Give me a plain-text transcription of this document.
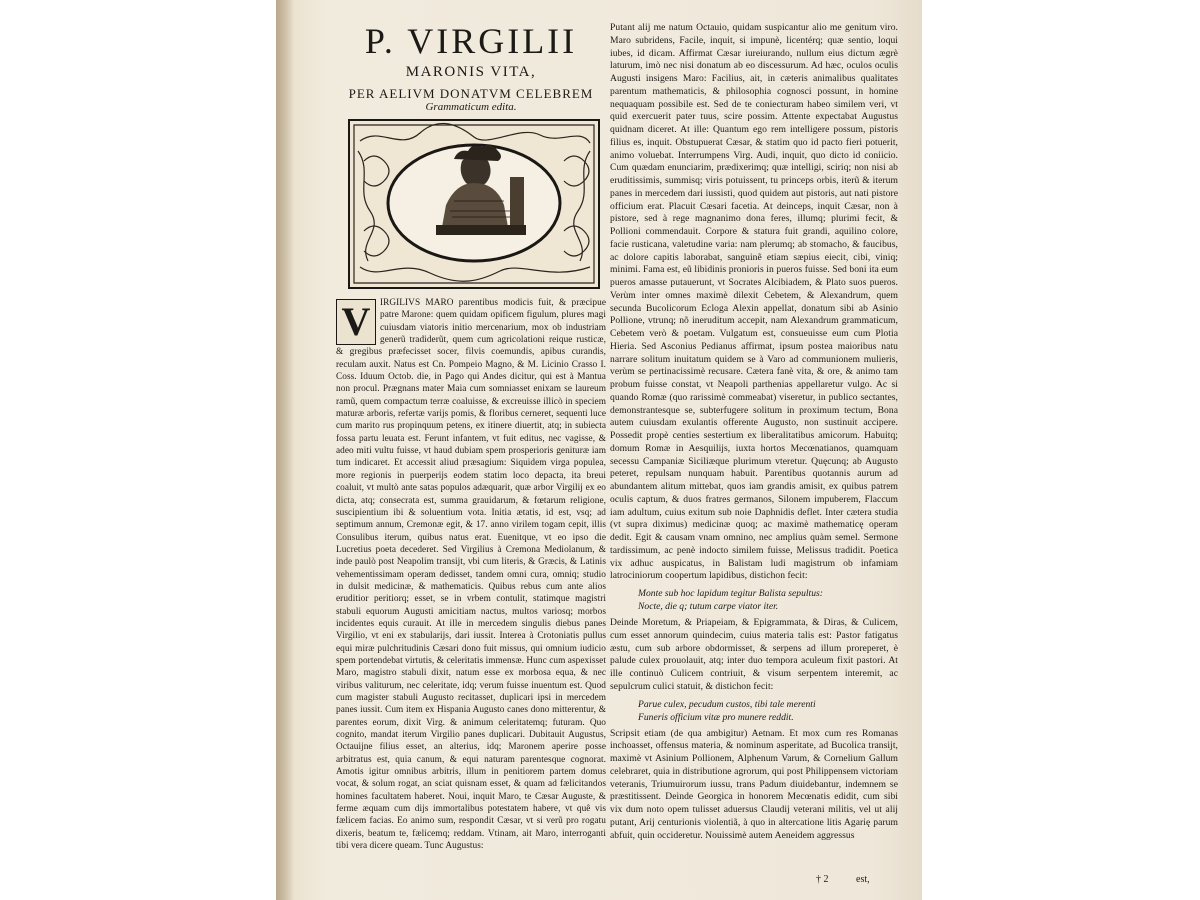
P. VIRGILII
MARONIS VITA,
PER AELIVM DONATVM CELEBREM
Grammaticum edita.
V	IRGILIVS MARO parentibus modicis fuit, & præcipue patre Marone: quem quidam opificem figulum, plures magi cuiusdam viatoris initio mercenarium, mox ob industriam generũ tradiderũt, quem cum agricolationi reique rusticæ, & gregibus præfecisset socer, filvis coemundis, apibus curandis, reculam auxit. Natus est Cn. Pompeio Magno, & M. Licinio Crasso I. Coss. Iduum Octob. die, in Pago qui Andes dicitur, qui est à Mantua non procul. Prægnans mater Maia cum somniasset enixam se laureum ramũ, quem compactum terræ coaluisse, & excreuisse illicò in speciem maturæ arboris, refertæ varijs pomis, & floribus cerneret, sequenti luce cum marito rus propinquum petens, ex itinere diuertit, atq; in subiecta fossa partu leuata est. Ferunt infantem, vt fuit editus, nec vagisse, & adeo miti vultu fuisse, vt haud dubiam spem prosperioris genituræ iam tum indicaret. Et accessit aliud præsagium: Siquidem virga populea, more regionis in puerperijs eodem statim loco depacta, ita breui coaluit, vt multò ante satas populos adæquarit, quæ arbor Virgilij ex eo dicta, atq; consecrata est, summa grauidarum, & fœtarum religione, suscipientium ibi & soluentium vota. Initia ætatis, id est, vsq; ad septimum annum, Cremonæ egit, & 17. anno virilem togam cepit, illis Consulibus iterum, quibus natus erat. Euenitque, vt eo ipso die Lucretius poeta decederet. Sed Virgilius à Cremona Mediolanum, & inde paulò post Neapolim transijt, vbi cum literis, & Græcis, & Latinis vehementissimam operam dedisset, tandem omni cura, omniq; studio in dulsit medicinæ, & mathematicis. Quibus rebus cum ante alios eruditior peritiorq; esset, se in vrbem contulit, statimque magistri stabuli equorum Augusti amicitiam nactus, multos variosq; morbos incidentes equis curauit. At ille in mercedem singulis diebus panes Virgilio, vt eni ex stabularijs, dari iussit. Interea à Crotoniatis pullus equi miræ pulchritudinis Cæsari dono fuit missus, qui omnium iudicio spem portendebat virtutis, & celeritatis immensæ. Hunc cum aspexisset Maro, magistro stabuli dixit, natum esse ex morbosa equa, & nec viribus valiturum, nec celeritate, idq; verum fuisse inuentum est. Quod cum magister stabuli Augusto recitasset, duplicari ipsi in mercedem panes iussit. Cum item ex Hispania Augusto canes dono mitterentur, & parentes eorum, dixit Virg. & animum celeritatemq; futuram. Quo cognito, mandat iterum Virgilio panes duplicari. Dubitauit Augustus, Octauijne filius esset, an alterius, idq; Maronem aperire posse arbitratus est, quia canum, & equi naturam parentesque cognorat. Amotis igitur omnibus arbitris, illum in penitiorem partem domus vocat, & solum rogat, an sciat quisnam esset, & quam ad fælicitandos homines facultatem haberet. Noui, inquit Maro, te Cæsar Auguste, & ferme æquam cum dijs immortalibus potestatem habere, vt quê vis fælicem facias. Eo animo sum, respondit Cæsar, vt si verũ pro rogatu dixeris, beatum te, fælicemq; reddam. Vtinam, ait Maro, interroganti tibi vera dicere queam. Tunc Augustus:

Putant alij me natum Octauio, quidam suspicantur alio me genitum viro. Maro subridens, Facile, inquit, si impunè, licentérq; quæ sentio, loqui iubes, id dicam. Affirmat Cæsar iureiurando, nullum eius dictum ægrè laturum, imò nec nisi donatum ab eo discessurum. Ad hæc, oculos oculis Augusti insigens Maro: Facilius, ait, in cæteris animalibus qualitates parentum mathematicis, & philosophia cognosci possunt, in homine nequaquam possibile est. Sed de te coniecturam habeo similem veri, vt quid exercuerit pater tuus, scire possim. Attente expectabat Augustus quidnam diceret. At ille: Quantum ego rem intelligere possum, pistoris filius es, inquit. Obstupuerat Cæsar, & statim quo id pacto fieri potuerit, animo voluebat. Interrumpens Virg. Audi, inquit, quo dicto id coniicio. Cum quædam enunciarim, prædixerimq; quæ intelligi, sciriq; non nisi ab eruditissimis, summisq; viris potuissent, tu princeps orbis, iterũ & iterum panes in mercedem dari iussisti, quod quidem aut pistoris, aut nati pistore officium erat. Placuit Cæsari facetia. At deinceps, inquit Cæsar, non à pistore, sed à rege magnanimo dona feres, illumq; plurimi fecit, & Pollioni commendauit. Corpore & statura fuit grandi, aquilino colore, facie rusticana, valetudine varia: nam plerumq; ab stomacho, & faucibus, ac dolore capitis laborabat, sanguinẽ etiam sæpius eiecit, cibi, viniq; minimi. Fama est, eũ libidinis pronioris in pueros fuisse. Sed boni ita eum pueros amasse putauerunt, vt Socrates Alcibiadem, & Plato suos pueros. Verùm inter omnes maximè dilexit Cebetem, & Alexandrum, quem secunda Bucolicorum Ecloga Alexin appellat, donatum sibi ab Asinio Pollione, vtrunq; nõ ineruditum accepit, nam Alexandrum grammaticum, Cebetem verò & poetam. Vulgatum est, consueuisse eum cum Plotia Hieria. Sed Asconius Pedianus affirmat, ipsum postea maioribus natu narrare solitum inuitatum quidem se à Varo ad communionem mulieris, verùm se pertinacissimè recusare. Cætera fanè vita, & ore, & animo tam probum fuisse constat, vt Neapoli parthenias appellaretur vulgo. Ac si quando Romæ (quo rarissimè commeabat) viseretur, in publico sectantes, demonstrantesque se, subterfugere solitum in proximum tectum, Bona autem cuiusdam exulantis offerente Augusto, non sustinuit accipere. Possedit propè centies sestertium ex liberalitatibus amicorum. Habuitq; domum Romæ in Aesquilijs, iuxta hortos Mecœnatianos, quamquam secessu Campaniæ Siciliæque plurimum vteretur. Quęcunq; ab Augusto peteret, repulsam nunquam habuit. Parentibus quotannis aurum ad abundantem alitum mittebat, quos iam grandis amisit, ex quibus patrem oculis captum, & duos fratres germanos, Silonem impuberem, Flaccum iam adultum, cuius exitum sub noie Daphnidis deflet. Inter cætera studia (vt supra diximus) medicinæ quoq; ac maximè mathematicę operam dedit. Egit & causam vnam omnino, nec amplius quàm semel. Sermone tardissimum, ac penè indocto similem fuisse, Melissus tradidit. Poetica vix adhuc auspicatus, in Balistam ludi magistrum ob infamiam latrociniorum coopertum lapidibus, distichon fecit:

Monte sub hoc lapidum tegitur Balista sepultus:

Nocte, die q; tutum carpe viator iter.

Deinde Moretum, & Priapeiam, & Epigrammata, & Diras, & Culicem, cum esset annorum quindecim, cuius materia talis est: Pastor fatigatus æstu, cum sub arbore obdormisset, & serpens ad illum proreperet, è palude culex prouolauit, atq; inter duo tempora aculeum fixit pastori. At ille continuò Culicem contriuit, & visum serpentem interemit, ac sepulcrum culici statuit, & distichon fecit:

Parue culex, pecudum custos, tibi tale merenti

Funeris officium vitæ pro munere reddit.

Scripsit etiam (de qua ambigitur) Aetnam. Et mox cum res Romanas inchoasset, offensus materia, & nominum asperitate, ad Bucolica transijt, maximè vt Asinium Pollionem, Alphenum Varum, & Cornelium Gallum celebraret, quia in distributione agrorum, qui post Philippensem victoriam veteranis, Triumuirorum iussu, trans Padum diuidebantur, indemnem se præstitissent. Deinde Georgica in honorem Mecœnatis edidit, cum sibi vix dum noto opem tulisset aduersus Claudij veterani militis, vel ut alij putant, Arij centurionis violentiã, à quo in altercatione litis Agarię parum abfuit, quin occideretur. Nouissimè autem Aeneidem aggressus

† 2	est,
